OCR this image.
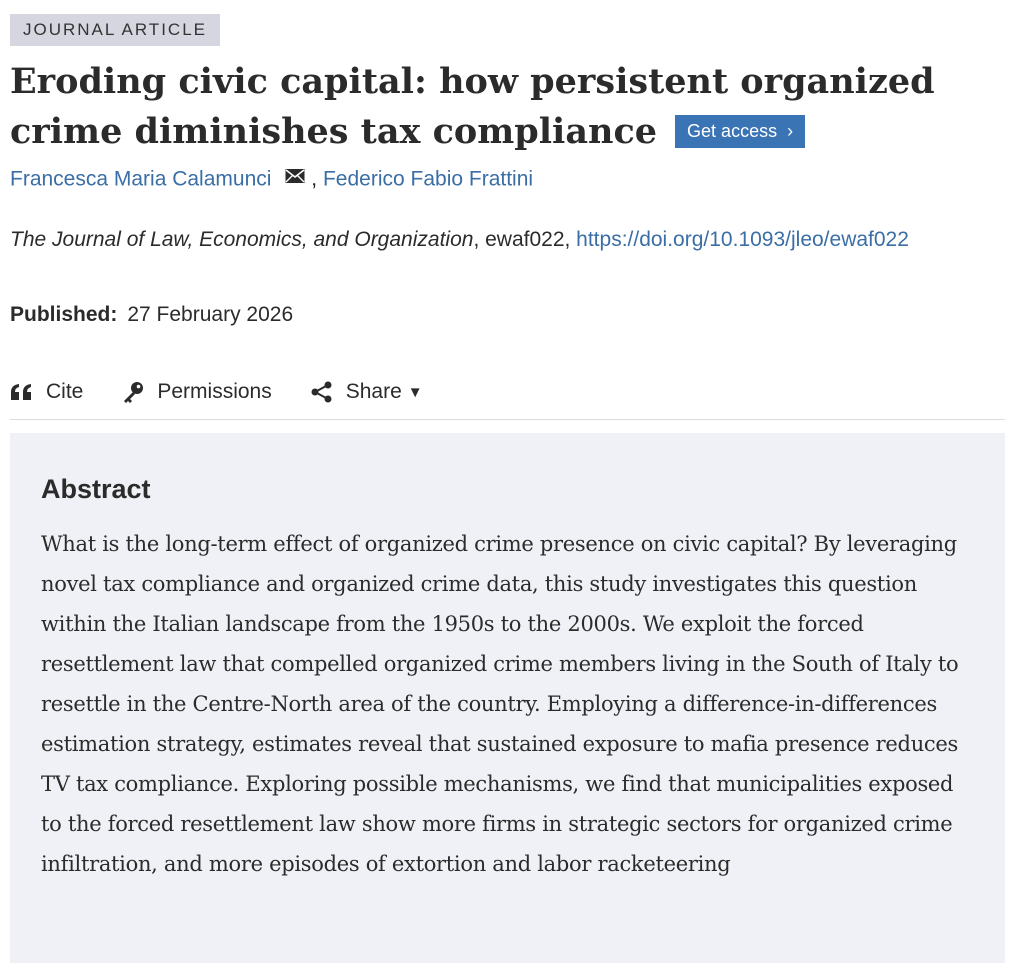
JOURNAL ARTICLE
Eroding civic capital: how persistent organized crime diminishes tax compliance Get access ›
Francesca Maria Calamunci , Federico Fabio Frattini
The Journal of Law, Economics, and Organization, ewaf022, https://doi.org/10.1093/jleo/ewaf022
Published: 27 February 2026
Cite	Permissions	Share ▼
Abstract

What is the long-term effect of organized crime presence on civic capital? By leveraging novel tax compliance and organized crime data, this study investigates this question within the Italian landscape from the 1950s to the 2000s. We exploit the forced resettlement law that compelled organized crime members living in the South of Italy to resettle in the Centre-North area of the country. Employing a difference-in-differences estimation strategy, estimates reveal that sustained exposure to mafia presence reduces TV tax compliance. Exploring possible mechanisms, we find that municipalities exposed to the forced resettlement law show more firms in strategic sectors for organized crime infiltration, and more episodes of extortion and labor racketeering
